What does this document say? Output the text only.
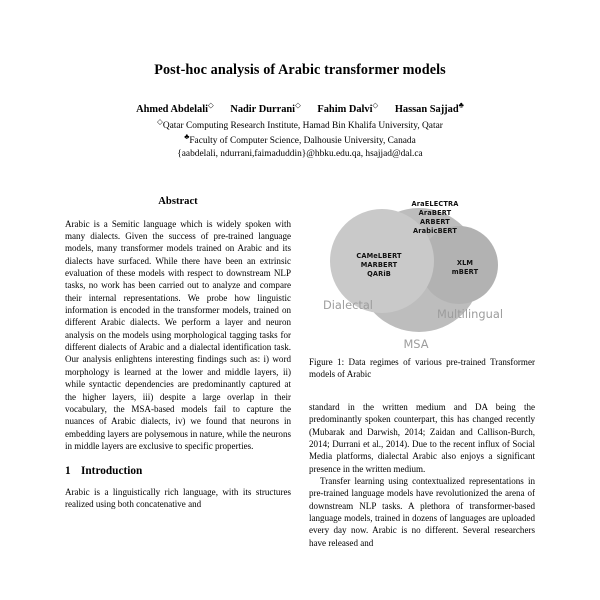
Post-hoc analysis of Arabic transformer models
Ahmed Abdelali◇ Nadir Durrani◇ Fahim Dalvi◇ Hassan Sajjad♣
◇Qatar Computing Research Institute, Hamad Bin Khalifa University, Qatar
♣Faculty of Computer Science, Dalhousie University, Canada
{aabdelali, ndurrani,faimaduddin}@hbku.edu.qa, hsajjad@dal.ca
Abstract

Arabic is a Semitic language which is widely spoken with many dialects. Given the success of pre-trained language models, many transformer models trained on Arabic and its dialects have surfaced. While there have been an extrinsic evaluation of these models with respect to downstream NLP tasks, no work has been carried out to analyze and compare their internal representations. We probe how linguistic information is encoded in the transformer models, trained on different Arabic dialects. We perform a layer and neuron analysis on the models using morphological tagging tasks for different dialects of Arabic and a dialectal identification task. Our analysis enlightens interesting findings such as: i) word morphology is learned at the lower and middle layers, ii) while syntactic dependencies are predominantly captured at the higher layers, iii) despite a large overlap in their vocabulary, the MSA-based models fail to capture the nuances of Arabic dialects, iv) we found that neurons in embedding layers are polysemous in nature, while the neurons in middle layers are exclusive to specific properties.

1 Introduction

Arabic is a linguistically rich language, with its structures realized using both concatenative and

AraELECTRA
AraBERT
ARBERT
ArabicBERT
CAMeLBERT
MARBERT
QARiB
XLM
mBERT
Dialectal
Multilingual
MSA
Figure 1: Data regimes of various pre-trained Transformer models of Arabic

standard in the written medium and DA being the predominantly spoken counterpart, this has changed recently (Mubarak and Darwish, 2014; Zaidan and Callison-Burch, 2014; Durrani et al., 2014). Due to the recent influx of Social Media platforms, dialectal Arabic also enjoys a significant presence in the written medium.

Transfer learning using contextualized representations in pre-trained language models have revolutionized the arena of downstream NLP tasks. A plethora of transformer-based language models, trained in dozens of languages are uploaded every day now. Arabic is no different. Several researchers have released and
